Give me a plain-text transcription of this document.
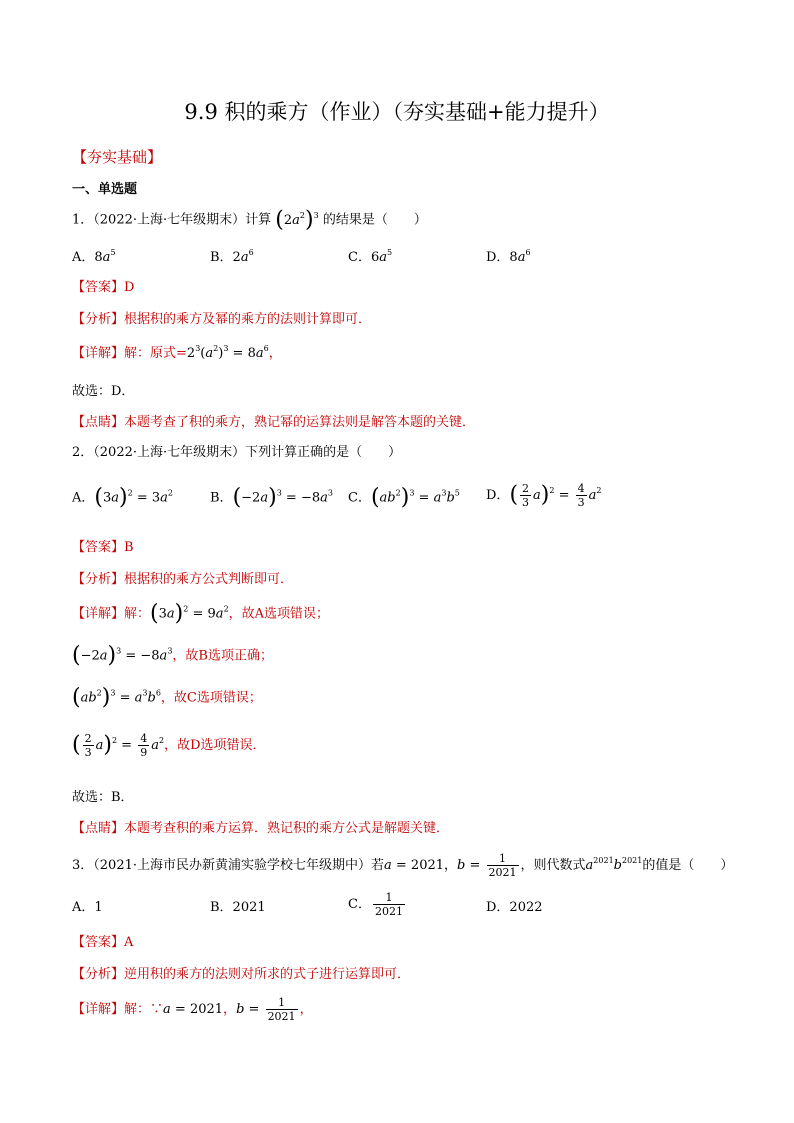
9.9 积的乘方（作业）（夯实基础+能力提升）
【夯实基础】
一、单选题
1．（2022·上海·七年级期末）计算 $(2a^2)^3$ 的结果是（　　）
A．$8a^5$	B．$2a^6$	C．$6a^5$	D．$8a^6$
【答案】D
【分析】根据积的乘方及幂的乘方的法则计算即可．
【详解】解：原式$=2^3(a^2)^3 = 8a^6$，
故选：D．
【点睛】本题考查了积的乘方，熟记幂的运算法则是解答本题的关键．
2．（2022·上海·七年级期末）下列计算正确的是（　　）
A．$(3a)^2 = 3a^2$	B．$(-2a)^3 = -8a^3$ C．$(ab^2)^3 = a^3b^5$ D．( $\frac{2}{3} a)^2 = \frac{4}{3} a^2$
【答案】B
【分析】根据积的乘方公式判断即可．
【详解】解：$(3a)^2 = 9a^2$，故A选项错误；
$(-2a)^3 = -8a^3$，故B选项正确；
$(ab^2)^3 = a^3b^6$，故C选项错误；
( $\frac{2}{3} a)^2 = \frac{4}{9} a^2$，故D选项错误．
故选：B．
【点睛】本题考查积的乘方运算．熟记积的乘方公式是解题关键．
3．（2021·上海市民办新黄浦实验学校七年级期中）若a = 2021，$b = \frac{1}{2021}$ ，则代数式$a^{2021}b^{2021}$的值是（　　）
A．1	B．2021	C． $\frac{1}{2021}$	D．2022
【答案】A
【分析】逆用积的乘方的法则对所求的式子进行运算即可．
【详解】解：∵a = 2021，$b = \frac{1}{2021}$ ，
